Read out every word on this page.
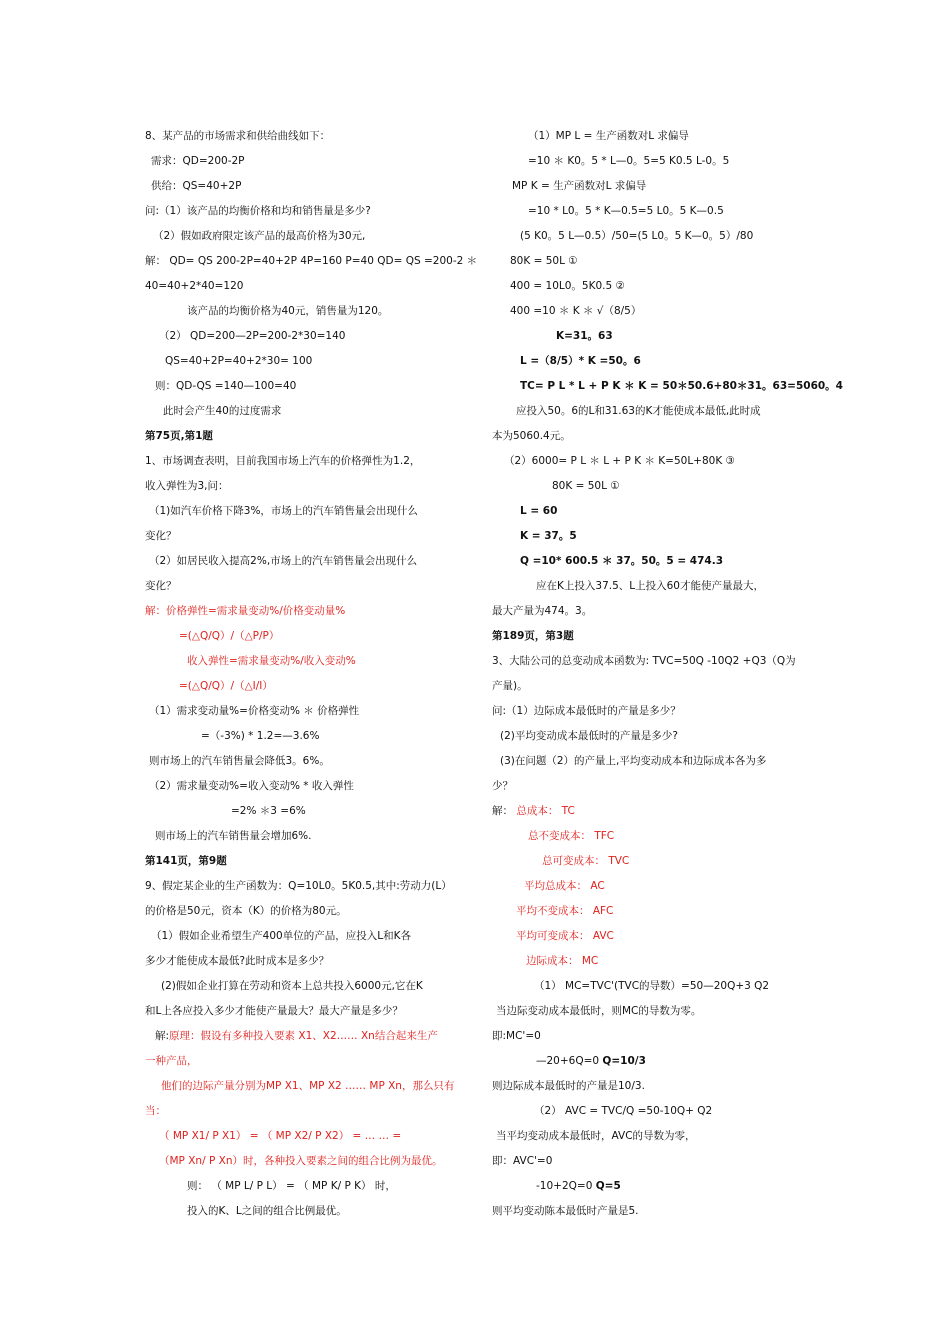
8、某产品的市场需求和供给曲线如下：
需求：QD=200-2P
供给：QS=40+2P
问:（1）该产品的均衡价格和均和销售量是多少?
（2）假如政府限定该产品的最高价格为30元,
解： QD= QS 200-2P=40+2P 4P=160 P=40 QD= QS =200-2 ＊
40=40+2*40=120
该产品的均衡价格为40元，销售量为120。
（2） QD=200—2P=200-2*30=140
QS=40+2P=40+2*30= 100
则：QD-QS =140—100=40
此时会产生40的过度需求
第75页,第1题
1、市场调查表明，目前我国市场上汽车的价格弹性为1.2，
收入弹性为3,问：
（1)如汽车价格下降3%，市场上的汽车销售量会出现什么
变化？
（2）如居民收入提高2%,市场上的汽车销售量会出现什么
变化？
解：价格弹性=需求量变动%/价格变动量%
=(△Q/Q）/（△P/P）
收入弹性=需求量变动%/收入变动%
=(△Q/Q）/（△I/I）
（1）需求变动量%=价格变动% ＊ 价格弹性
=（-3%) * 1.2=—3.6%
则市场上的汽车销售量会降低3。6%。
（2）需求量变动%=收入变动% * 收入弹性
=2% ＊3 =6%
则市场上的汽车销售量会增加6%.
第141页，第9题
9、假定某企业的生产函数为：Q=10L0。5K0.5,其中:劳动力(L）
的价格是50元，资本（K）的价格为80元。
（1）假如企业希望生产400单位的产品，应投入L和K各
多少才能使成本最低?此时成本是多少？
(2)假如企业打算在劳动和资本上总共投入6000元,它在K
和L上各应投入多少才能使产量最大？最大产量是多少？
解:原理：假设有多种投入要素 X1、X2…… Xn结合起来生产
一种产品，
他们的边际产量分别为MP X1、MP X2 …… MP Xn，那么只有
当：
（ MP X1/ P X1） = （ MP X2/ P X2） = … … =
（MP Xn/ P Xn）时，各种投入要素之间的组合比例为最优。
则： （ MP L/ P L） = （ MP K/ P K） 时，
投入的K、L之间的组合比例最优。
（1）MP L = 生产函数对L 求偏导
=10 ＊ K0。5 * L—0。5=5 K0.5 L-0。5
MP K = 生产函数对L 求偏导
=10 * L0。5 * K—0.5=5 L0。5 K—0.5
(5 K0。5 L—0.5）/50=(5 L0。5 K—0。5）/80
80K = 50L ①
400 = 10L0。5K0.5 ②
400 =10 ＊ K ＊ √（8/5）
K=31。63
L =（8/5）* K =50。6
TC= P L * L + P K ＊ K = 50＊50.6+80＊31。63=5060。4
应投入50。6的L和31.63的K才能使成本最低,此时成
本为5060.4元。
（2）6000= P L ＊ L + P K ＊ K=50L+80K ③
80K = 50L ①
L = 60
K = 37。5
Q =10* 600.5 ＊ 37。50。5 = 474.3
应在K上投入37.5、L上投入60才能使产量最大，
最大产量为474。3。
第189页，第3题
3、大陆公司的总变动成本函数为: TVC=50Q -10Q2 +Q3（Q为
产量)。
问:（1）边际成本最低时的产量是多少？
(2)平均变动成本最低时的产量是多少?
(3)在问题（2）的产量上,平均变动成本和边际成本各为多
少？
解： 总成本： TC
总不变成本： TFC
总可变成本： TVC
平均总成本： AC
平均不变成本： AFC
平均可变成本： AVC
边际成本： MC
（1） MC=TVC'(TVC的导数）=50—20Q+3 Q2
当边际变动成本最低时，则MC的导数为零。
即:MC'=0
—20+6Q=0 Q=10/3
则边际成本最低时的产量是10/3.
（2） AVC = TVC/Q =50-10Q+ Q2
当平均变动成本最低时，AVC的导数为零，
即：AVC'=0
-10+2Q=0 Q=5
则平均变动陈本最低时产量是5.
